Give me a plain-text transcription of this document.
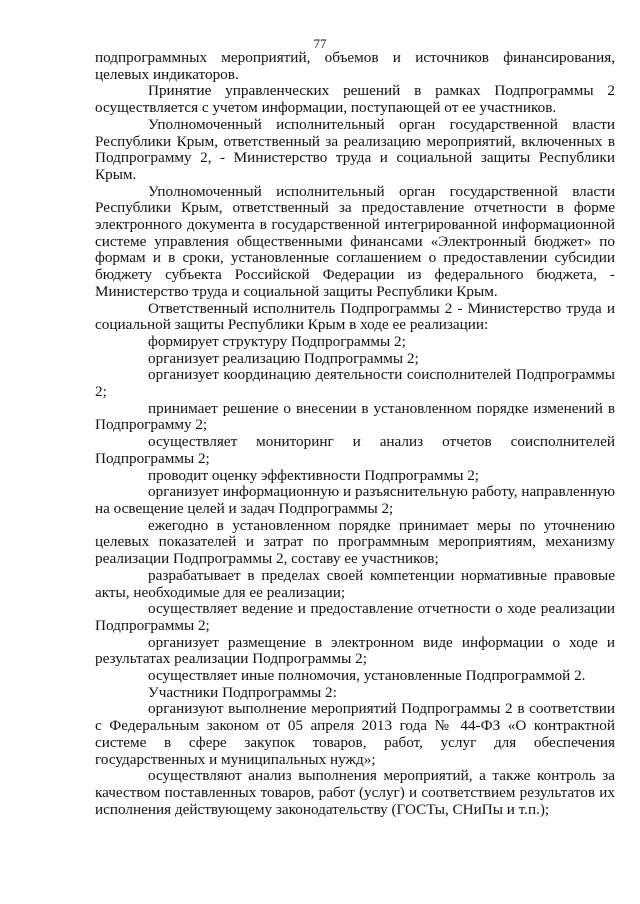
77

подпрограммных мероприятий, объемов и источников финансирования, целевых индикаторов.

Принятие управленческих решений в рамках Подпрограммы 2 осуществляется с учетом информации, поступающей от ее участников.

Уполномоченный исполнительный орган государственной власти Республики Крым, ответственный за реализацию мероприятий, включенных в Подпрограмму 2, - Министерство труда и социальной защиты Республики Крым.

Уполномоченный исполнительный орган государственной власти Республики Крым, ответственный за предоставление отчетности в форме электронного документа в государственной интегрированной информационной системе управления общественными финансами «Электронный бюджет» по формам и в сроки, установленные соглашением о предоставлении субсидии бюджету субъекта Российской Федерации из федерального бюджета, - Министерство труда и социальной защиты Республики Крым.

Ответственный исполнитель Подпрограммы 2 - Министерство труда и социальной защиты Республики Крым в ходе ее реализации:

формирует структуру Подпрограммы 2;

организует реализацию Подпрограммы 2;

организует координацию деятельности соисполнителей Подпрограммы 2;

принимает решение о внесении в установленном порядке изменений в Подпрограмму 2;

осуществляет мониторинг и анализ отчетов соисполнителей Подпрограммы 2;

проводит оценку эффективности Подпрограммы 2;

организует информационную и разъяснительную работу, направленную на освещение целей и задач Подпрограммы 2;

ежегодно в установленном порядке принимает меры по уточнению целевых показателей и затрат по программным мероприятиям, механизму реализации Подпрограммы 2, составу ее участников;

разрабатывает в пределах своей компетенции нормативные правовые акты, необходимые для ее реализации;

осуществляет ведение и предоставление отчетности о ходе реализации Подпрограммы 2;

организует размещение в электронном виде информации о ходе и результатах реализации Подпрограммы 2;

осуществляет иные полномочия, установленные Подпрограммой 2.

Участники Подпрограммы 2:

организуют выполнение мероприятий Подпрограммы 2 в соответствии с Федеральным законом от 05 апреля 2013 года № 44-ФЗ «О контрактной системе в сфере закупок товаров, работ, услуг для обеспечения государственных и муниципальных нужд»;

осуществляют анализ выполнения мероприятий, а также контроль за качеством поставленных товаров, работ (услуг) и соответствием результатов их исполнения действующему законодательству (ГОСТы, СНиПы и т.п.);
